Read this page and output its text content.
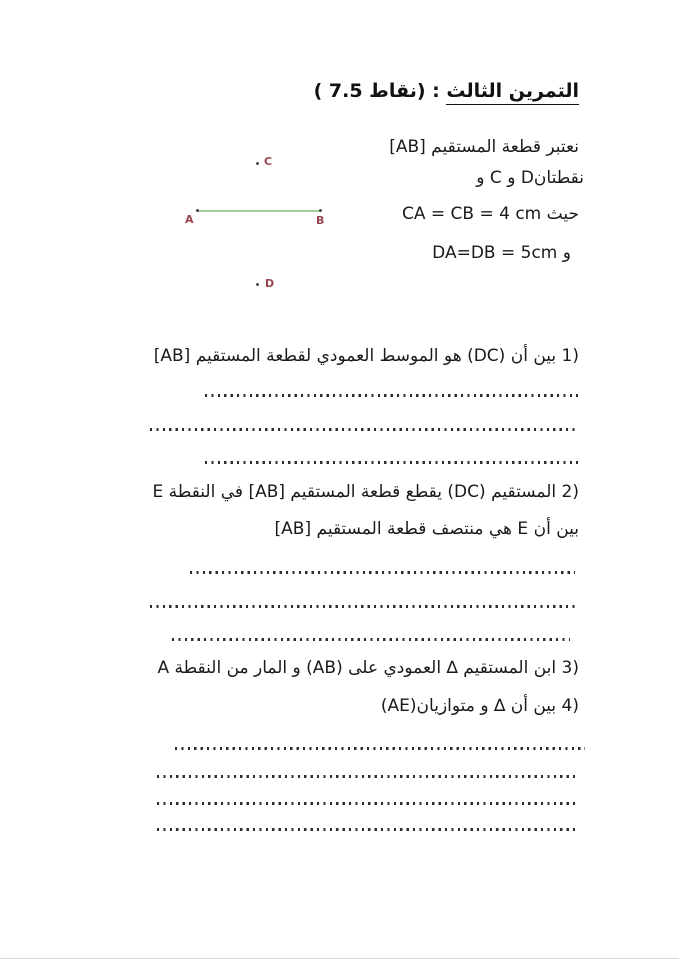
التمرين الثالث : ( 7.5 نقاط)
نعتبر قطعة المستقيم [AB]
Dنقطتان و C و
حيث CA = CB = 4 cm
و DA=DB = 5cm
C
A	B
D
1) بين أن (DC) هو الموسط العمودي لقطعة المستقيم [AB]
2) المستقيم (DC) يقطع قطعة المستقيم [AB] في النقطة E
بين أن E هي منتصف قطعة المستقيم [AB]
3) ابن المستقيم ∆ العمودي على (AB) و المار من النقطة A
4) بين أن ∆ و (AE)متوازيان
